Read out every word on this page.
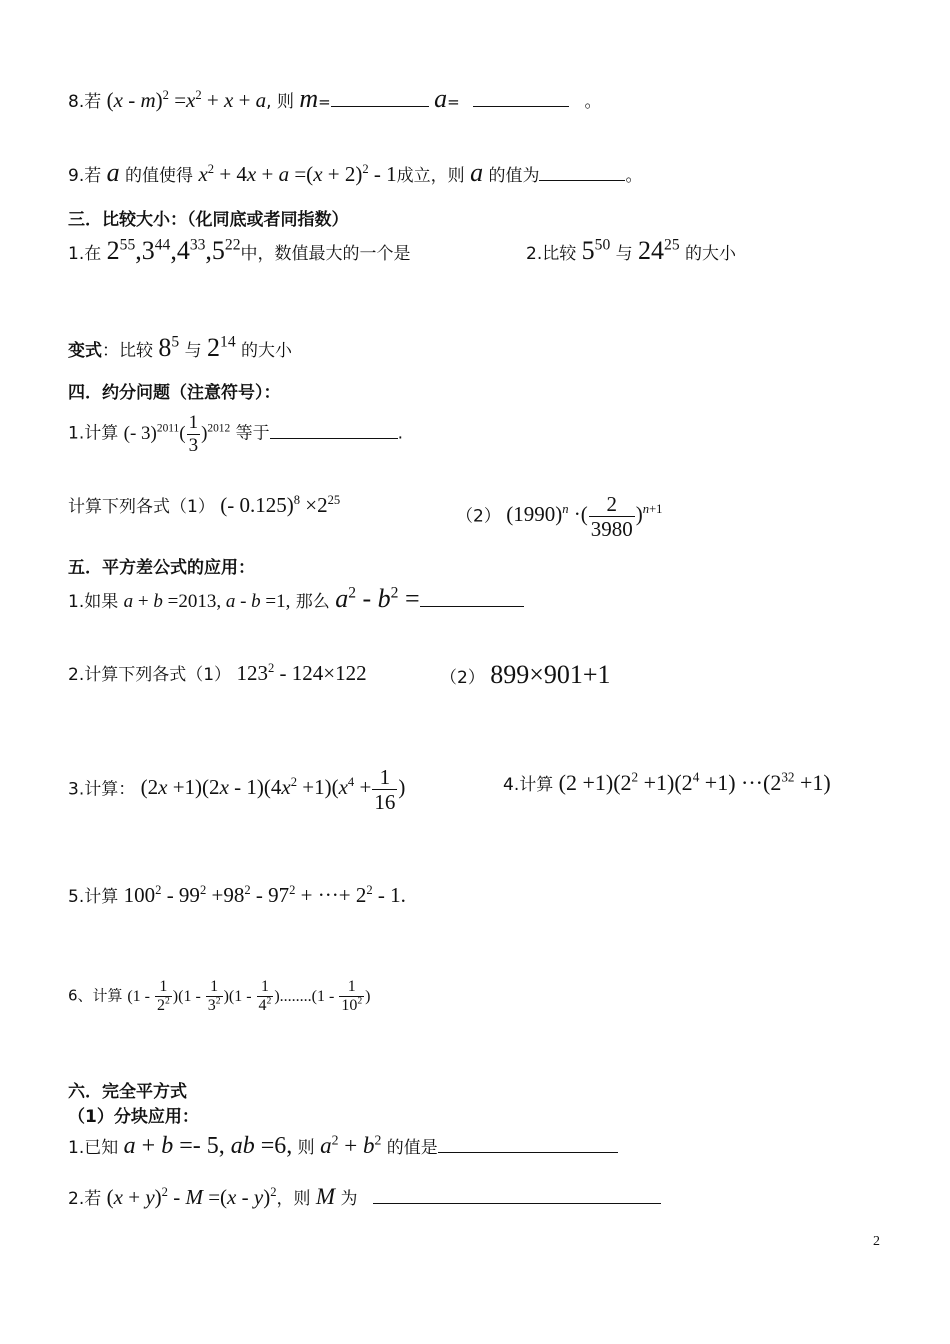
8.若 $(x - m)^2 =x^2 + x + a$, 则 m=	a=	。
9.若 a 的值使得 $x^2 + 4x + a =(x + 2)^2 - 1$成立，则 a 的值为	。
三．比较大小：（化同底或者同指数）
1.在 $2^{55},3^{44},4^{33},5^{22}$中，数值最大的一个是	2.比较 $5^{50}$ 与 $24^{25}$ 的大小
变式：比较 $8^5$ 与 $2^{14}$ 的大小
四．约分问题（注意符号）：
1.计算 (- $3)^{2011}( \frac{1}{3} )^{2012}$ 等于	.
计算下列各式（1） (- $0.125)^8 \times 2^{25}$
（2） $(1990)^n$ ·( $\frac{2}{3980} )^{n+1}$
五．平方差公式的应用：
1.如果 a + b =2013, a - b =1, 那么 $a^2 - b^2$ =
2.计算下列各式（1） $123^2 - 124\times 122$	（2） 899×901+1
3.计算： $(2x +1)(2x - 1)(4x^2 +1)(x^4 + \frac{1}{16}$ )	4.计算 $(2 +1)(2^2 +1)(2^4 +1) \cdot\cdot\cdot(2^{32} +1)$
5.计算 $100^2 - 99^2 +98^2 - 97^2$ + ···+ $2^2 - 1$.
6、计算 $(1 - \frac{1}{2^2} )(1 - \frac{1}{3^2} )(1 - \frac{1}{4^2} )........(1 - \frac{1}{10^2}$ )
六．完全平方式
（1）分块应用：
1.已知 a + b =- 5, ab =6, 则 $a^2 + b^2$ 的值是
2.若 $(x + y)^2 - M =(x - y)^2$，则 M 为
2
